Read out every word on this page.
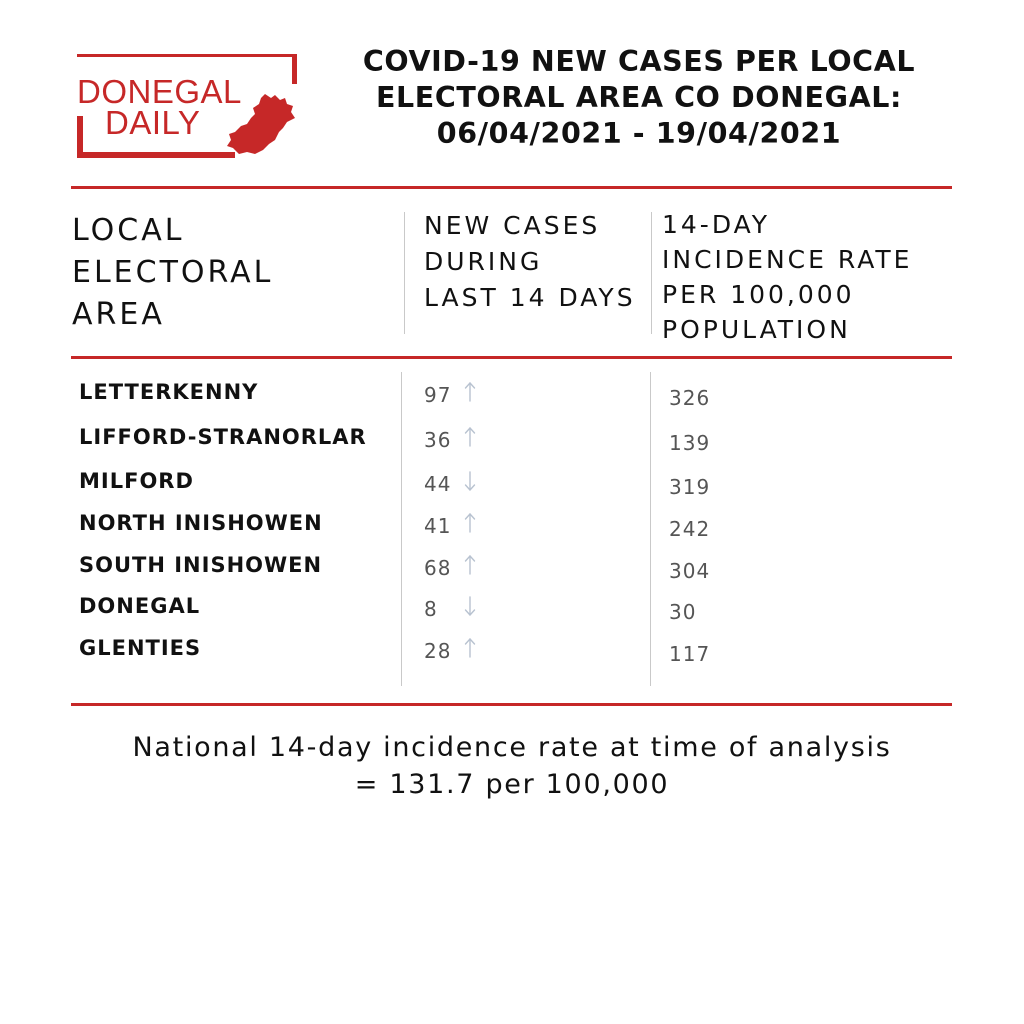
DONEGAL
DAILY
COVID-19 NEW CASES PER LOCAL
ELECTORAL AREA CO DONEGAL:
06/04/2021 - 19/04/2021
LOCAL
ELECTORAL
AREA
NEW CASES
DURING
LAST 14 DAYS
14-DAY
INCIDENCE RATE
PER 100,000
POPULATION
LETTERKENNY	97	326
LIFFORD-STRANORLAR	36	139
MILFORD	44	319
NORTH INISHOWEN	41	242
SOUTH INISHOWEN	68	304
DONEGAL	8	30
GLENTIES	28	117
National 14-day incidence rate at time of analysis
= 131.7 per 100,000
